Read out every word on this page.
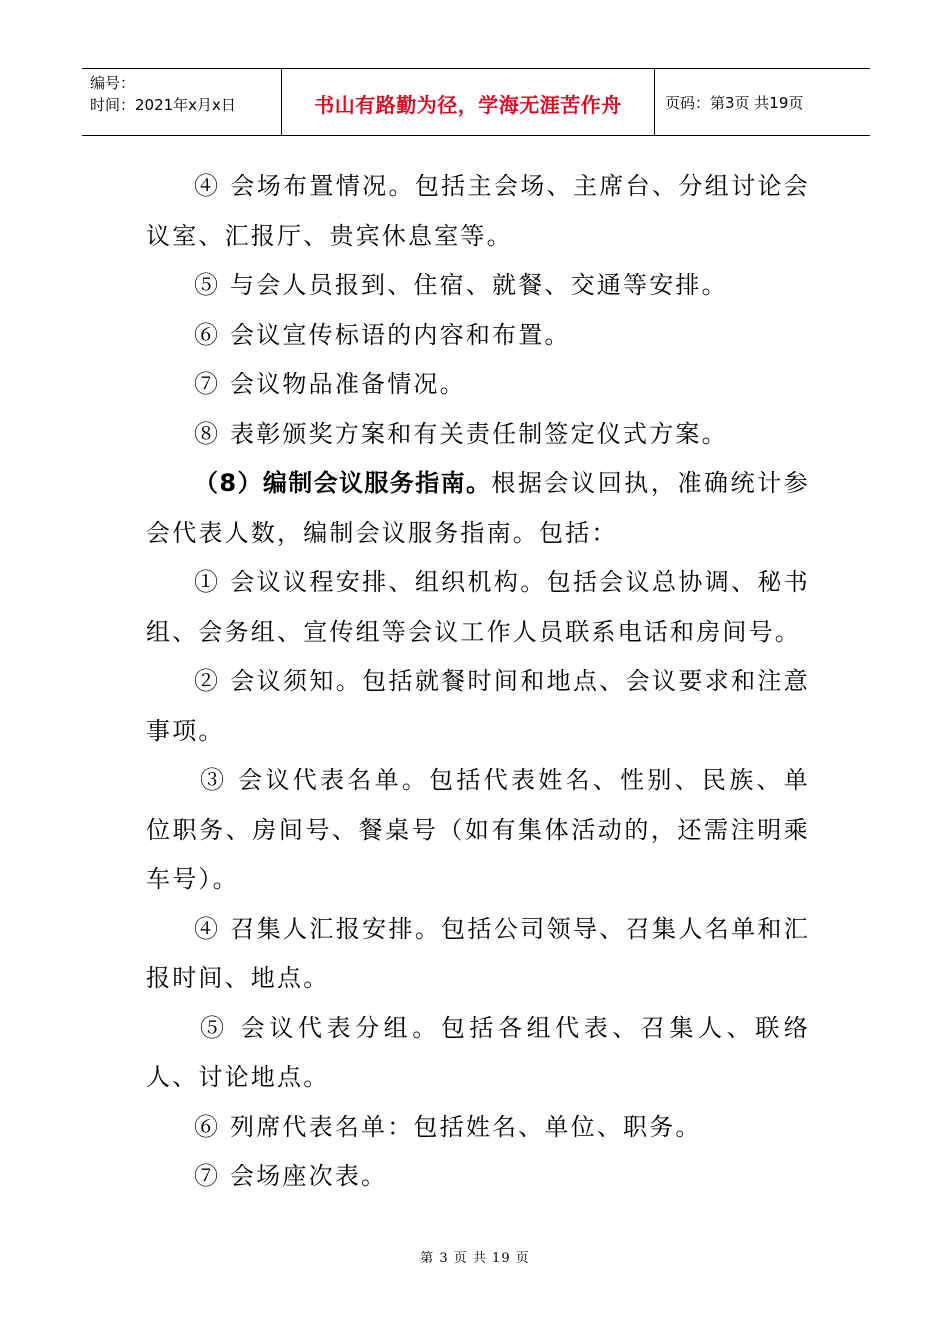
编号：
时间：2021年x月x日	书山有路勤为径，学海无涯苦作舟	页码：第3页 共19页

④ 会场布置情况。包括主会场、主席台、分组讨论会议室、汇报厅、贵宾休息室等。

⑤ 与会人员报到、住宿、就餐、交通等安排。

⑥ 会议宣传标语的内容和布置。

⑦ 会议物品准备情况。

⑧ 表彰颁奖方案和有关责任制签定仪式方案。

（8）编制会议服务指南。根据会议回执，准确统计参会代表人数，编制会议服务指南。包括：

① 会议议程安排、组织机构。包括会议总协调、秘书组、会务组、宣传组等会议工作人员联系电话和房间号。

② 会议须知。包括就餐时间和地点、会议要求和注意事项。

③ 会议代表名单。包括代表姓名、性别、民族、单位职务、房间号、餐桌号（如有集体活动的，还需注明乘车号）。

④ 召集人汇报安排。包括公司领导、召集人名单和汇报时间、地点。

⑤ 会议代表分组。包括各组代表、召集人、联络人、讨论地点。

⑥ 列席代表名单：包括姓名、单位、职务。

⑦ 会场座次表。

第 3 页 共 19 页
